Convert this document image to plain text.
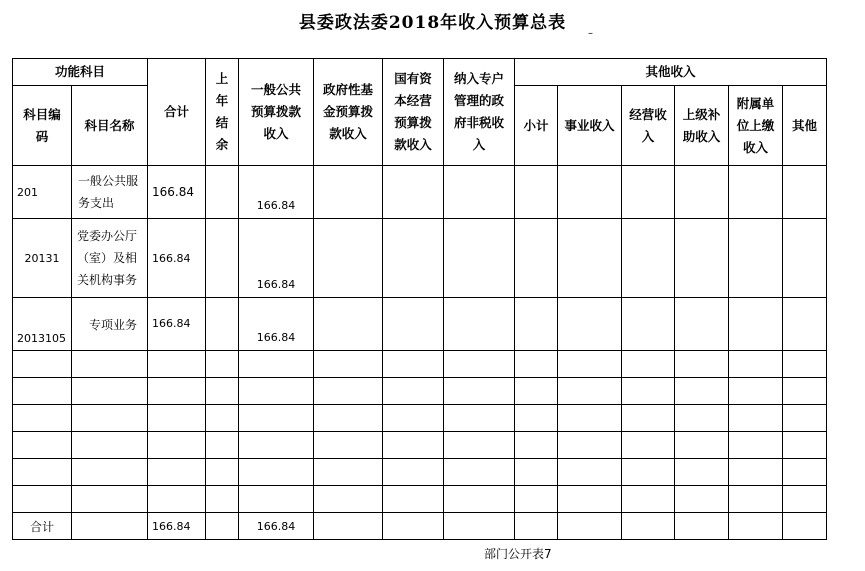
县委政法委2018年收入预算总表
–
功能科目		合计	上年结余	一般公共预算拨款收入	政府性基金预算拨款收入	国有资本经营预算拨款收入	纳入专户管理的政府非税收入	其他收入					
科目编码	科目名称							小计	事业收入	经营收入	上级补助收入	附属单位上缴收入	其他
201	一般公共服务支出	166.84		166.84									
20131	党委办公厅（室）及相关机构事务	166.84		166.84									
2013105	专项业务	166.84		166.84									

合计		166.84		166.84									
部门公开表7
